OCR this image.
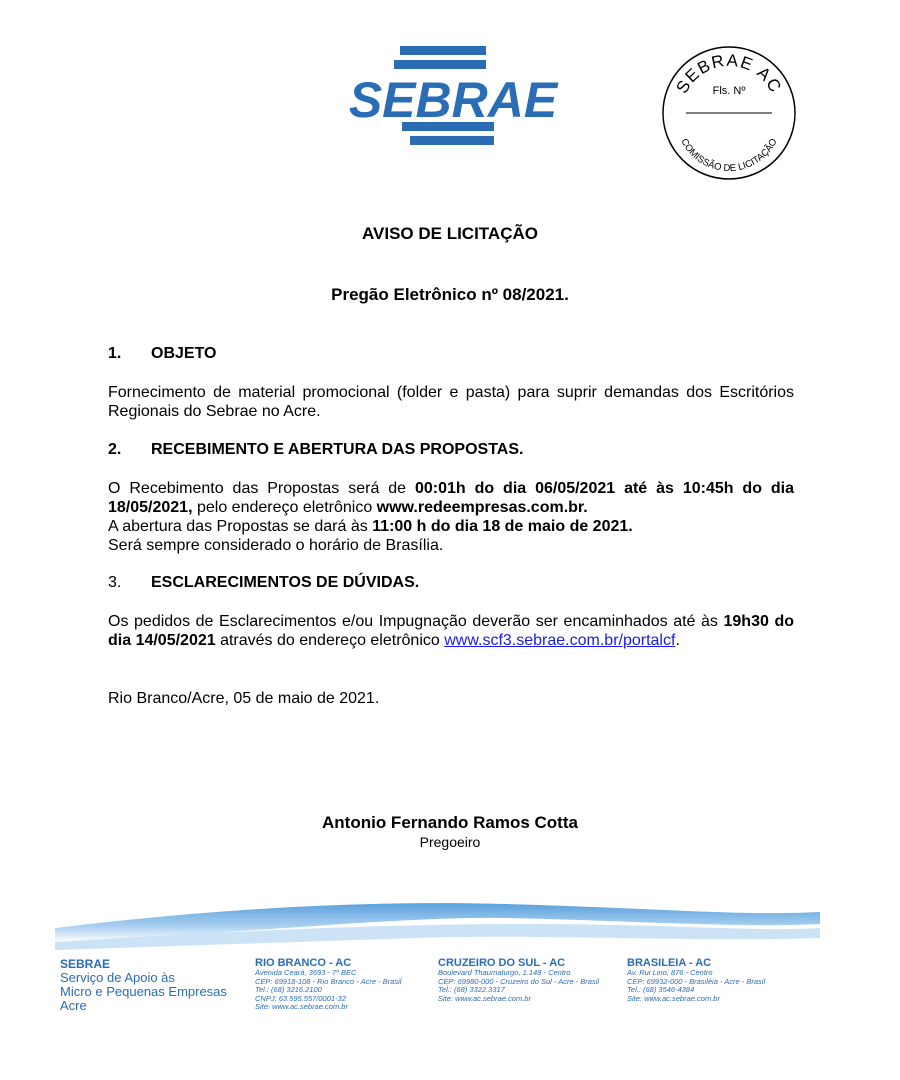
SEBRAE	SEBRAE AC
Fls. Nº
COMISSÃO DE LICITAÇÃO
AVISO DE LICITAÇÃO
Pregão Eletrônico nº 08/2021.
1. OBJETO
Fornecimento de material promocional (folder e pasta) para suprir demandas dos Escritórios Regionais do Sebrae no Acre.
2. RECEBIMENTO E ABERTURA DAS PROPOSTAS.
O Recebimento das Propostas será de 00:01h do dia 06/05/2021 até às 10:45h do dia 18/05/2021, pelo endereço eletrônico www.redeempresas.com.br.
A abertura das Propostas se dará às 11:00 h do dia 18 de maio de 2021.
Será sempre considerado o horário de Brasília.
3. ESCLARECIMENTOS DE DÚVIDAS.
Os pedidos de Esclarecimentos e/ou Impugnação deverão ser encaminhados até às 19h30 do dia 14/05/2021 através do endereço eletrônico www.scf3.sebrae.com.br/portalcf.
Rio Branco/Acre, 05 de maio de 2021.
Antonio Fernando Ramos Cotta
Pregoeiro
SEBRAE
Serviço de Apoio às
Micro e Pequenas Empresas
Acre
RIO BRANCO - AC
Avenida Ceará, 3693 - 7º BEC
CEP: 69918-108 - Rio Branco - Acre - Brasil
Tel.: (68) 3216.2100
CNPJ: 63.595.557/0001-32
Site: www.ac.sebrae.com.br
CRUZEIRO DO SUL - AC
Boulevard Thaumaturgo, 1.148 - Centro
CEP: 69980-000 - Cruzeiro do Sul - Acre - Brasil
Tel.: (68) 3322.3317
Site: www.ac.sebrae.com.br
BRASILEIA - AC
Av. Rui Lino, 876 - Centro
CEP: 69932-000 - Brasiléia - Acre - Brasil
Tel.: (68) 3546-4384
Site: www.ac.sebrae.com.br
